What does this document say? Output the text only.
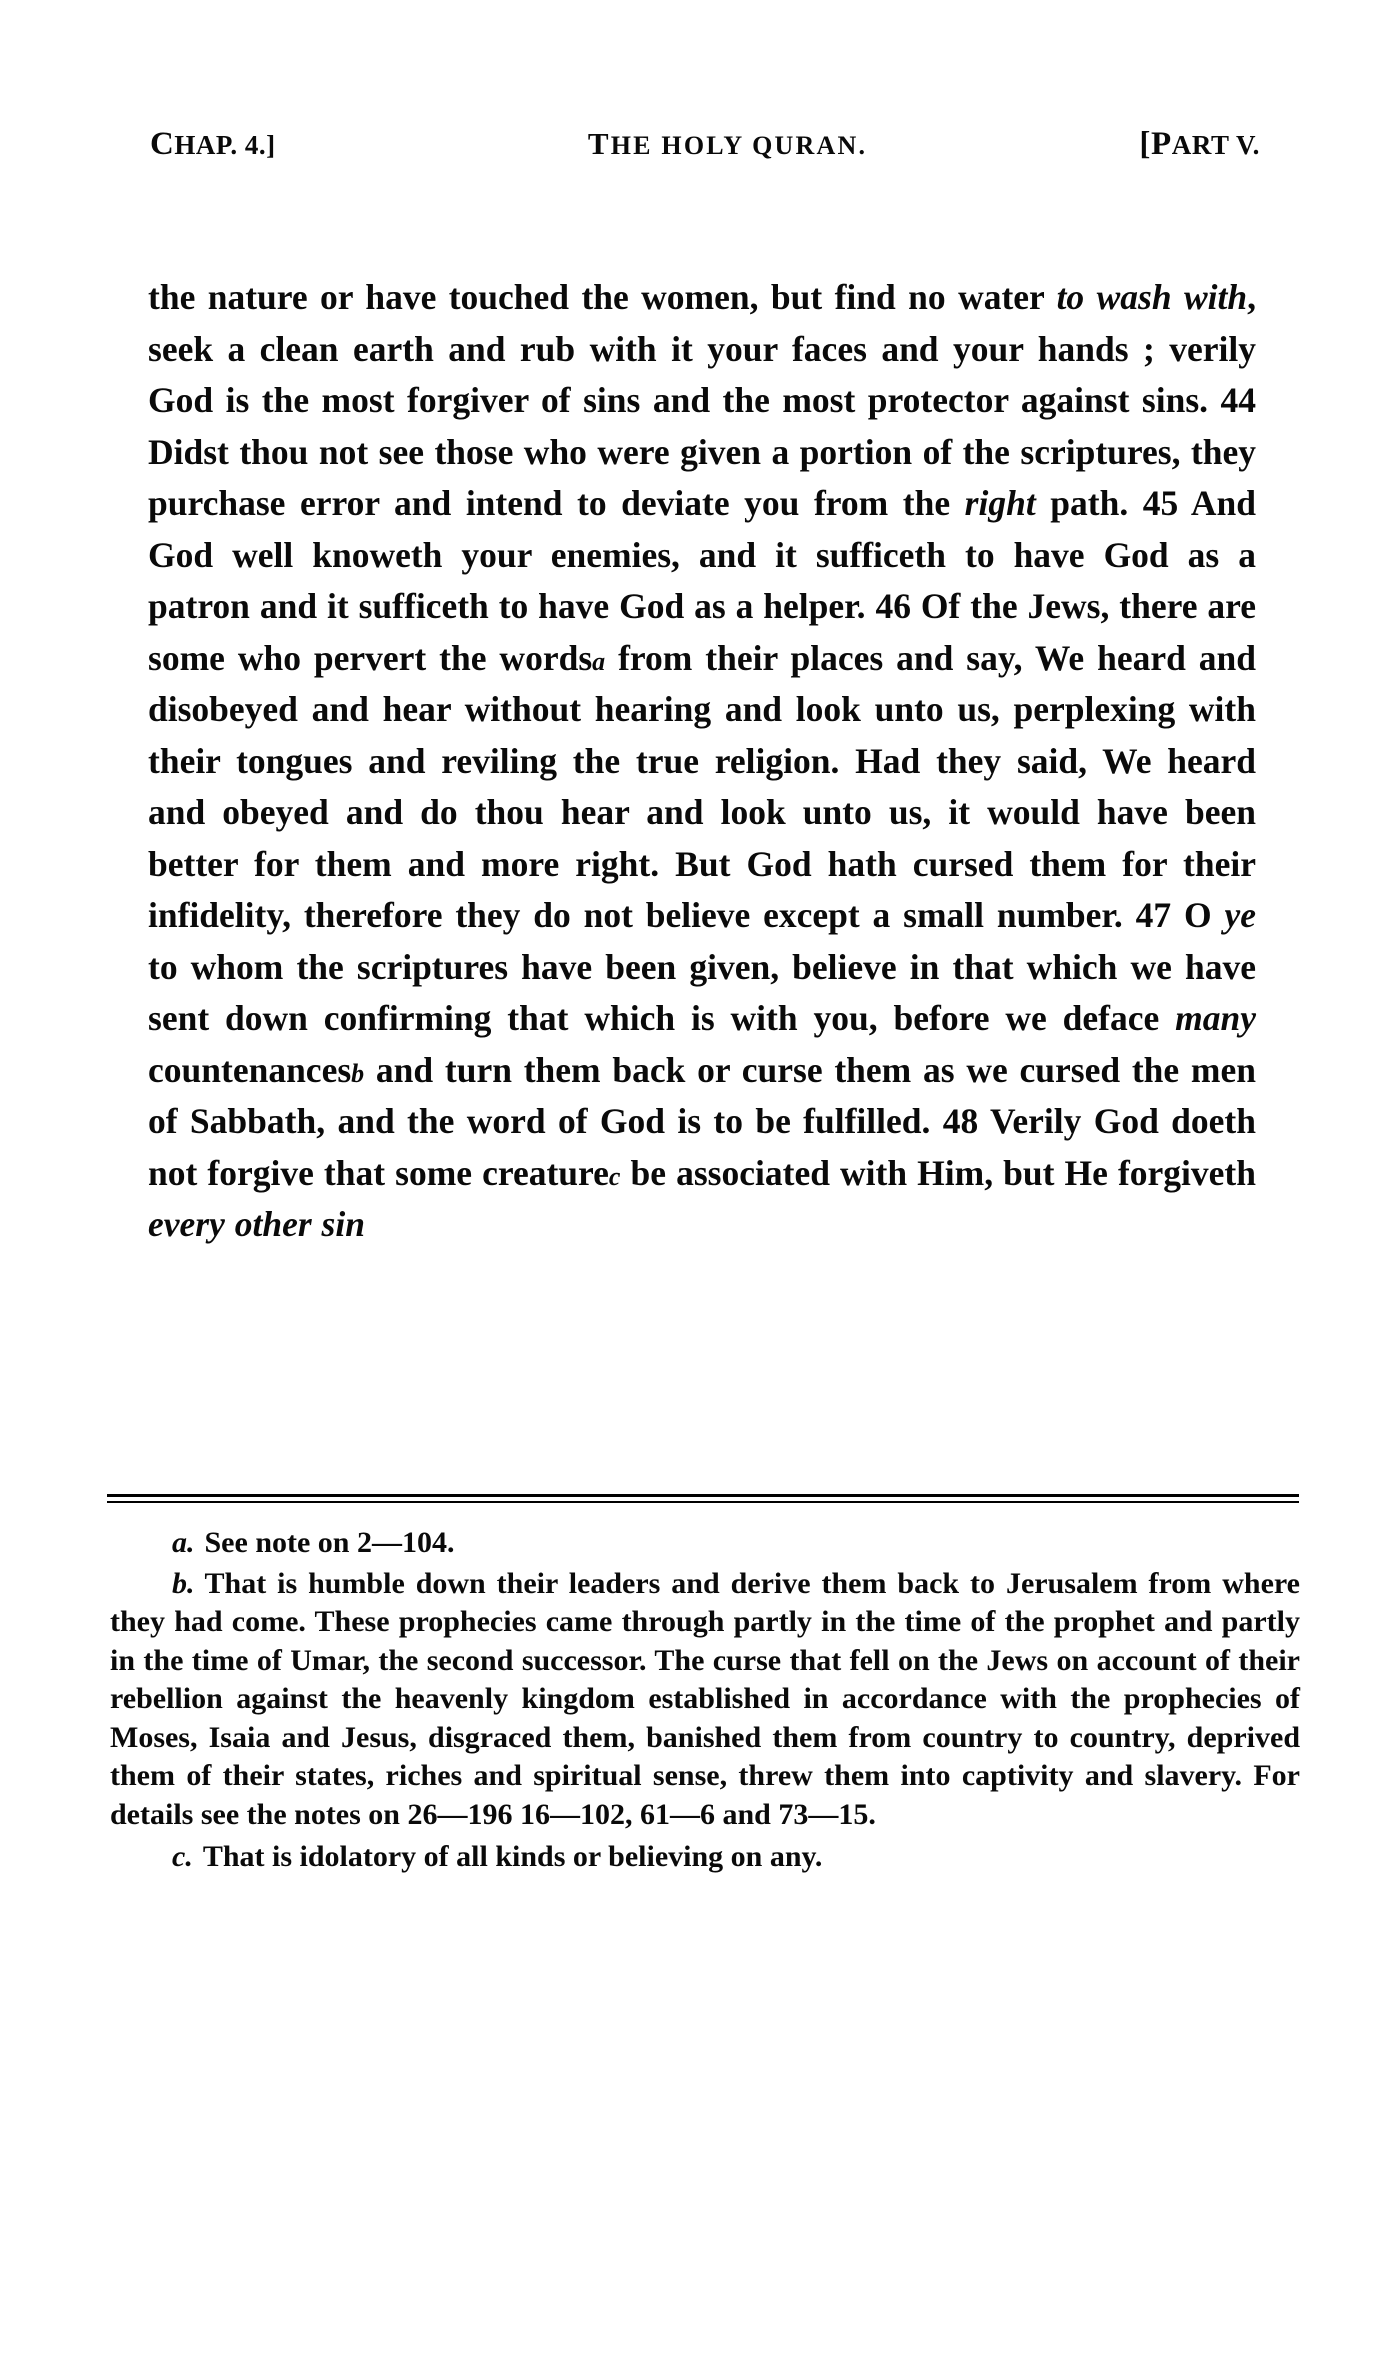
CHAP. 4.]	THE HOLY QURAN.	[PART V.
the nature or have touched the women, but find no water to wash with, seek a clean earth and rub with it your faces and your hands ; verily God is the most forgiver of sins and the most protector against sins. 44 Didst thou not see those who were given a portion of the scriptures, they purchase error and intend to deviate you from the right path. 45 And God well knoweth your enemies, and it sufficeth to have God as a patron and it sufficeth to have God as a helper. 46 Of the Jews, there are some who pervert the wordsa from their places and say, We heard and disobeyed and hear without hearing and look unto us, perplexing with their tongues and reviling the true religion. Had they said, We heard and obeyed and do thou hear and look unto us, it would have been better for them and more right. But God hath cursed them for their infidelity, therefore they do not believe except a small number. 47 O ye to whom the scriptures have been given, believe in that which we have sent down confirming that which is with you, before we deface many countenancesb and turn them back or curse them as we cursed the men of Sabbath, and the word of God is to be fulfilled. 48 Verily God doeth not forgive that some creaturec be associated with Him, but He forgiveth every other sin

a. See note on 2—104.

b. That is humble down their leaders and derive them back to Jerusalem from where they had come. These prophecies came through partly in the time of the prophet and partly in the time of Umar, the second successor. The curse that fell on the Jews on account of their rebellion against the heavenly kingdom established in accordance with the prophecies of Moses, Isaia and Jesus, disgraced them, banished them from country to country, deprived them of their states, riches and spiritual sense, threw them into captivity and slavery. For details see the notes on 26—196 16—102, 61—6 and 73—15.

c. That is idolatory of all kinds or believing on any.
